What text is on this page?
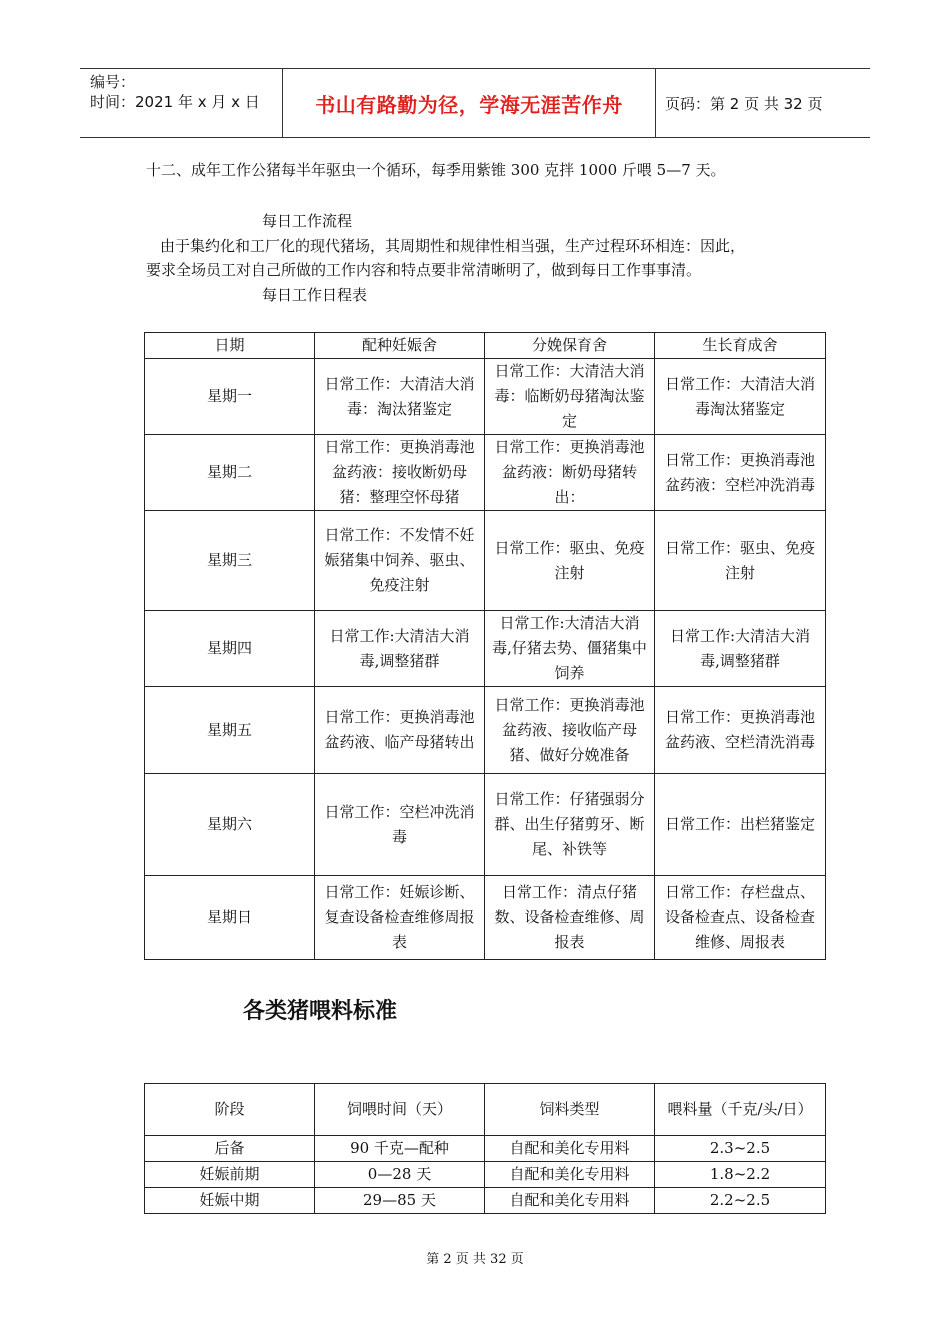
编号：
时间：2021 年 x 月 x 日	书山有路勤为径，学海无涯苦作舟	页码：第 2 页 共 32 页
十二、成年工作公猪每半年驱虫一个循环，每季用紫锥 300 克拌 1000 斤喂 5—7 天。
每日工作流程
由于集约化和工厂化的现代猪场，其周期性和规律性相当强，生产过程环环相连：因此，
要求全场员工对自己所做的工作内容和特点要非常清晰明了，做到每日工作事事清。
每日工作日程表
日期	配种妊娠舍	分娩保育舍	生长育成舍
星期一	日常工作：大清洁大消毒：淘汰猪鉴定	日常工作：大清洁大消毒：临断奶母猪淘汰鉴定	日常工作：大清洁大消毒淘汰猪鉴定
星期二	日常工作：更换消毒池盆药液：接收断奶母猪：整理空怀母猪	日常工作：更换消毒池盆药液：断奶母猪转出：	日常工作：更换消毒池盆药液：空栏冲洗消毒
星期三	日常工作：不发情不妊娠猪集中饲养、驱虫、免疫注射	日常工作：驱虫、免疫注射	日常工作：驱虫、免疫注射
星期四	日常工作:大清洁大消毒,调整猪群	日常工作:大清洁大消毒,仔猪去势、僵猪集中饲养	日常工作:大清洁大消毒,调整猪群
星期五	日常工作：更换消毒池盆药液、临产母猪转出	日常工作：更换消毒池盆药液、接收临产母猪、做好分娩准备	日常工作：更换消毒池盆药液、空栏清洗消毒
星期六	日常工作：空栏冲洗消毒	日常工作：仔猪强弱分群、出生仔猪剪牙、断尾、补铁等	日常工作：出栏猪鉴定
星期日	日常工作：妊娠诊断、复查设备检查维修周报表	日常工作：清点仔猪数、设备检查维修、周报表	日常工作：存栏盘点、设备检查点、设备检查维修、周报表
各类猪喂料标准
阶段	饲喂时间（天）	饲料类型	喂料量（千克/头/日）
后备	90 千克—配种	自配和美化专用料	2.3~2.5
妊娠前期	0—28 天	自配和美化专用料	1.8~2.2
妊娠中期	29—85 天	自配和美化专用料	2.2~2.5
第 2 页 共 32 页
